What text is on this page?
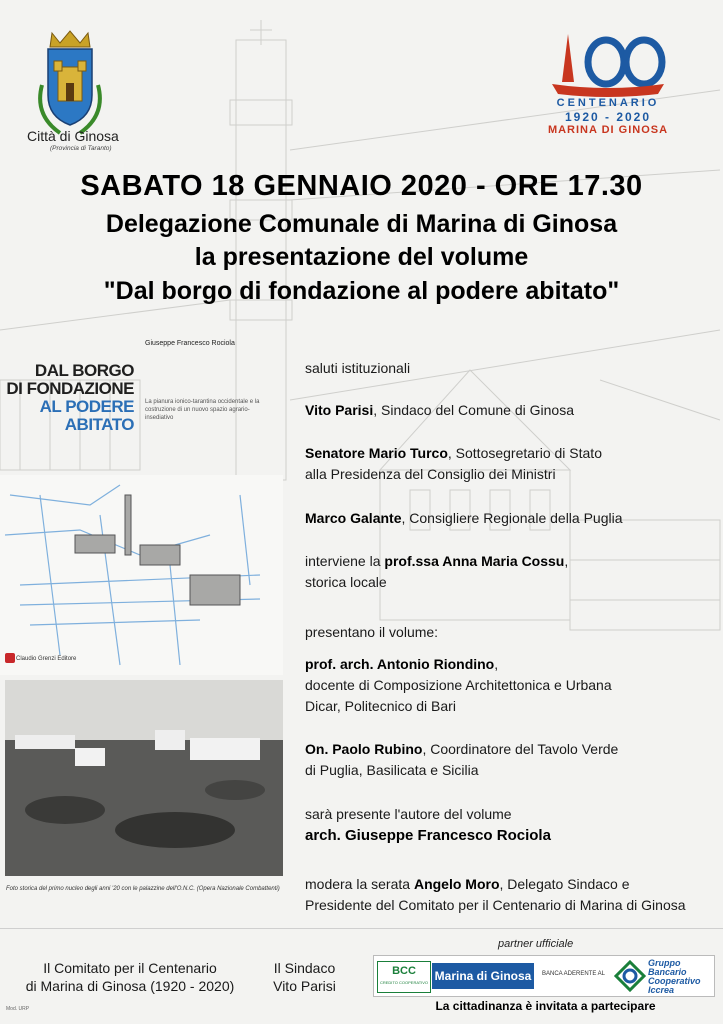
Città di Ginosa
(Provincia di Taranto)
CENTENARIO
1920 - 2020
MARINA DI GINOSA
SABATO 18 GENNAIO 2020 - ORE 17.30
Delegazione Comunale di Marina di Ginosa
la presentazione del volume
"Dal borgo di fondazione al podere abitato"
Giuseppe Francesco Rociola
DAL BORGO
DI FONDAZIONE
AL PODERE
ABITATO
La pianura ionico-tarantina occidentale e la costruzione di un nuovo spazio agrario-insediativo
Claudio Grenzi Editore
Foto storica del primo nucleo degli anni '20 con le palazzine dell'O.N.C. (Opera Nazionale Combattenti)
saluti istituzionali
Vito Parisi, Sindaco del Comune di Ginosa

Senatore Mario Turco, Sottosegretario di Stato

alla Presidenza del Consiglio dei Ministri

Marco Galante, Consigliere Regionale della Puglia

interviene la prof.ssa Anna Maria Cossu,

storica locale

presentano il volume:

prof. arch. Antonio Riondino,

docente di Composizione Architettonica e Urbana

Dicar, Politecnico di Bari

On. Paolo Rubino, Coordinatore del Tavolo Verde

di Puglia, Basilicata e Sicilia

sarà presente l'autore del volume

arch. Giuseppe Francesco Rociola

modera la serata Angelo Moro, Delegato Sindaco e

Presidente del Comitato per il Centenario di Marina di Ginosa

Il Comitato per il Centenario
di Marina di Ginosa (1920 - 2020)
Il Sindaco
Vito Parisi
partner ufficiale
BCC
CREDITO COOPERATIVO Marina di Ginosa	BANCA ADERENTE AL
Gruppo
Bancario
Cooperativo
Iccrea
La cittadinanza è invitata a partecipare
Mod. URP
